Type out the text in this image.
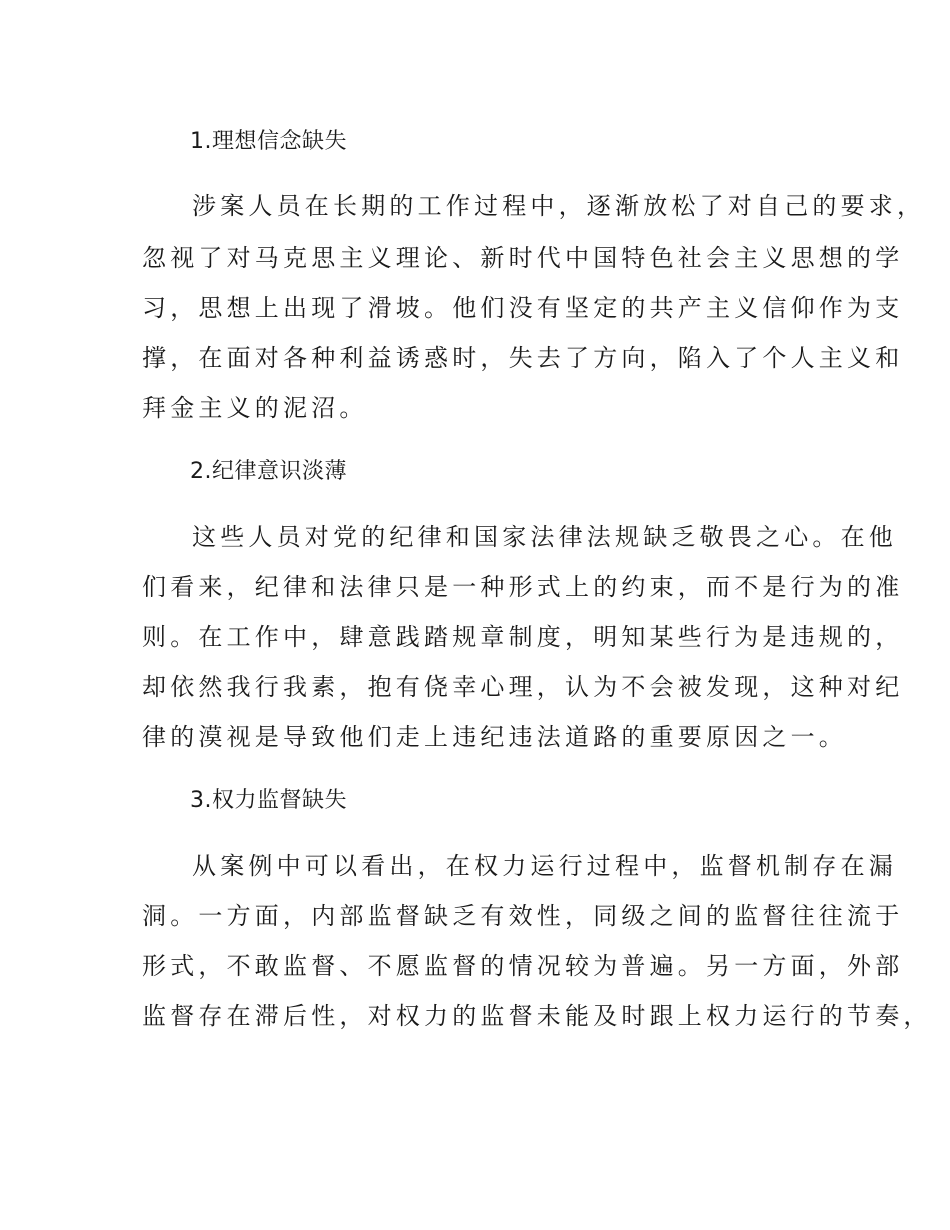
1.理想信念缺失
涉案人员在长期的工作过程中，逐渐放松了对自己的要求，
忽视了对马克思主义理论、新时代中国特色社会主义思想的学
习，思想上出现了滑坡。他们没有坚定的共产主义信仰作为支
撑，在面对各种利益诱惑时，失去了方向，陷入了个人主义和
拜金主义的泥沼。
2.纪律意识淡薄
这些人员对党的纪律和国家法律法规缺乏敬畏之心。在他
们看来，纪律和法律只是一种形式上的约束，而不是行为的准
则。在工作中，肆意践踏规章制度，明知某些行为是违规的，
却依然我行我素，抱有侥幸心理，认为不会被发现，这种对纪
律的漠视是导致他们走上违纪违法道路的重要原因之一。
3.权力监督缺失
从案例中可以看出，在权力运行过程中，监督机制存在漏
洞。一方面，内部监督缺乏有效性，同级之间的监督往往流于
形式，不敢监督、不愿监督的情况较为普遍。另一方面，外部
监督存在滞后性，对权力的监督未能及时跟上权力运行的节奏，
